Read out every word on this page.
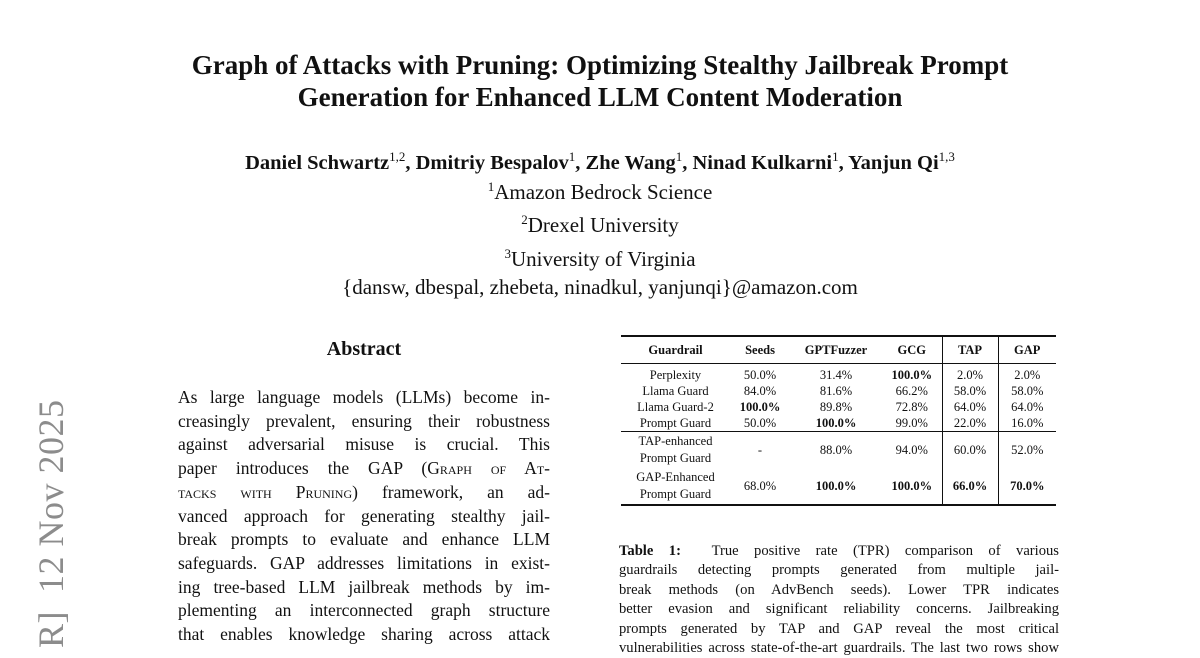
R]12 Nov 2025
Graph of Attacks with Pruning: Optimizing Stealthy Jailbreak Prompt
Generation for Enhanced LLM Content Moderation
Daniel Schwartz$^{1,2}$, Dmitriy Bespalov$^1$, Zhe Wang$^1$, Ninad Kulkarni$^1$, Yanjun Qi$^{1,3}$
$^1$Amazon Bedrock Science
$^2$Drexel University
$^3$University of Virginia
{dansw, dbespal, zhebeta, ninadkul, yanjunqi}@amazon.com
Abstract
As large language models (LLMs) become in-
creasingly prevalent, ensuring their robustness
against adversarial misuse is crucial. This
paper introduces the GAP (Graph of At-
tacks with Pruning) framework, an ad-
vanced approach for generating stealthy jail-
break prompts to evaluate and enhance LLM
safeguards. GAP addresses limitations in exist-
ing tree-based LLM jailbreak methods by im-
plementing an interconnected graph structure
that enables knowledge sharing across attack
Guardrail	Seeds	GPTFuzzer	GCG	TAP	GAP
Perplexity	50.0%	31.4%	100.0%	2.0%	2.0%
Llama Guard	84.0%	81.6%	66.2%	58.0%	58.0%
Llama Guard-2	100.0%	89.8%	72.8%	64.0%	64.0%
Prompt Guard	50.0%	100.0%	99.0%	22.0%	16.0%

TAP-enhanced
Prompt Guard	-	88.0%	94.0%	60.0%	52.0%

GAP-Enhanced
Prompt Guard	68.0%	100.0%	100.0%	66.0%	70.0%
Table 1: True positive rate (TPR) comparison of various
guardrails detecting prompts generated from multiple jail-
break methods (on AdvBench seeds). Lower TPR indicates
better evasion and significant reliability concerns. Jailbreaking
prompts generated by TAP and GAP reveal the most critical
vulnerabilities across state-of-the-art guardrails. The last two rows show
